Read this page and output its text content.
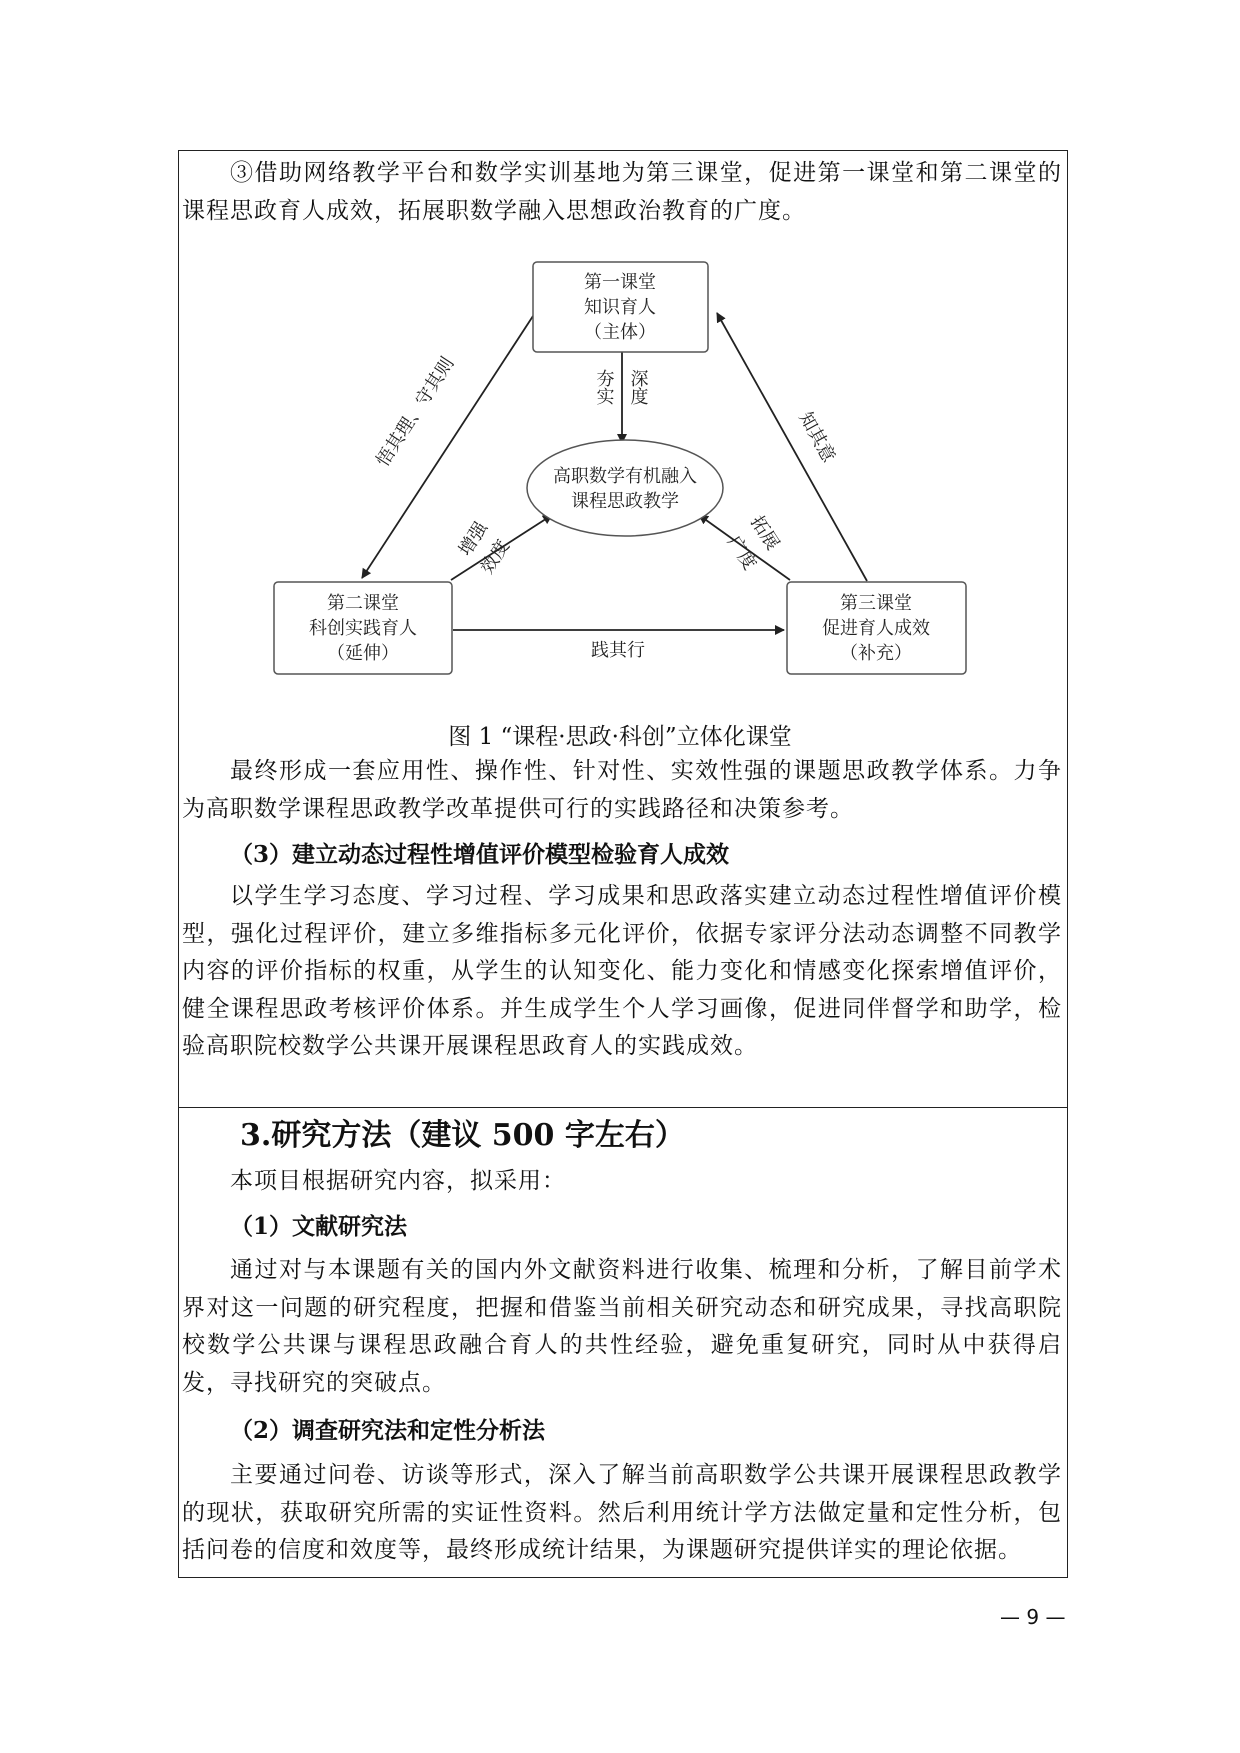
③借助网络教学平台和数学实训基地为第三课堂，促进第一课堂和第二课堂的课程思政育人成效，拓展职数学融入思想政治教育的广度。

第一课堂
知识育人
（主体）
第二课堂
科创实践育人
（延伸）
第三课堂
促进育人成效
（补充）
高职数学有机融入
课程思政教学
悟其理、守其则	知其意
践其行
夯实 深度
增强
效度
拓展
广度
图 1 “课程·思政·科创”立体化课堂

最终形成一套应用性、操作性、针对性、实效性强的课题思政教学体系。力争为高职数学课程思政教学改革提供可行的实践路径和决策参考。

（3）建立动态过程性增值评价模型检验育人成效

以学生学习态度、学习过程、学习成果和思政落实建立动态过程性增值评价模型，强化过程评价，建立多维指标多元化评价，依据专家评分法动态调整不同教学内容的评价指标的权重，从学生的认知变化、能力变化和情感变化探索增值评价，健全课程思政考核评价体系。并生成学生个人学习画像，促进同伴督学和助学，检验高职院校数学公共课开展课程思政育人的实践成效。

3.研究方法（建议 500 字左右）

本项目根据研究内容，拟采用：

（1）文献研究法

通过对与本课题有关的国内外文献资料进行收集、梳理和分析，了解目前学术界对这一问题的研究程度，把握和借鉴当前相关研究动态和研究成果，寻找高职院校数学公共课与课程思政融合育人的共性经验，避免重复研究，同时从中获得启发，寻找研究的突破点。

（2）调查研究法和定性分析法

主要通过问卷、访谈等形式，深入了解当前高职数学公共课开展课程思政教学的现状，获取研究所需的实证性资料。然后利用统计学方法做定量和定性分析，包括问卷的信度和效度等，最终形成统计结果，为课题研究提供详实的理论依据。

— 9 —
